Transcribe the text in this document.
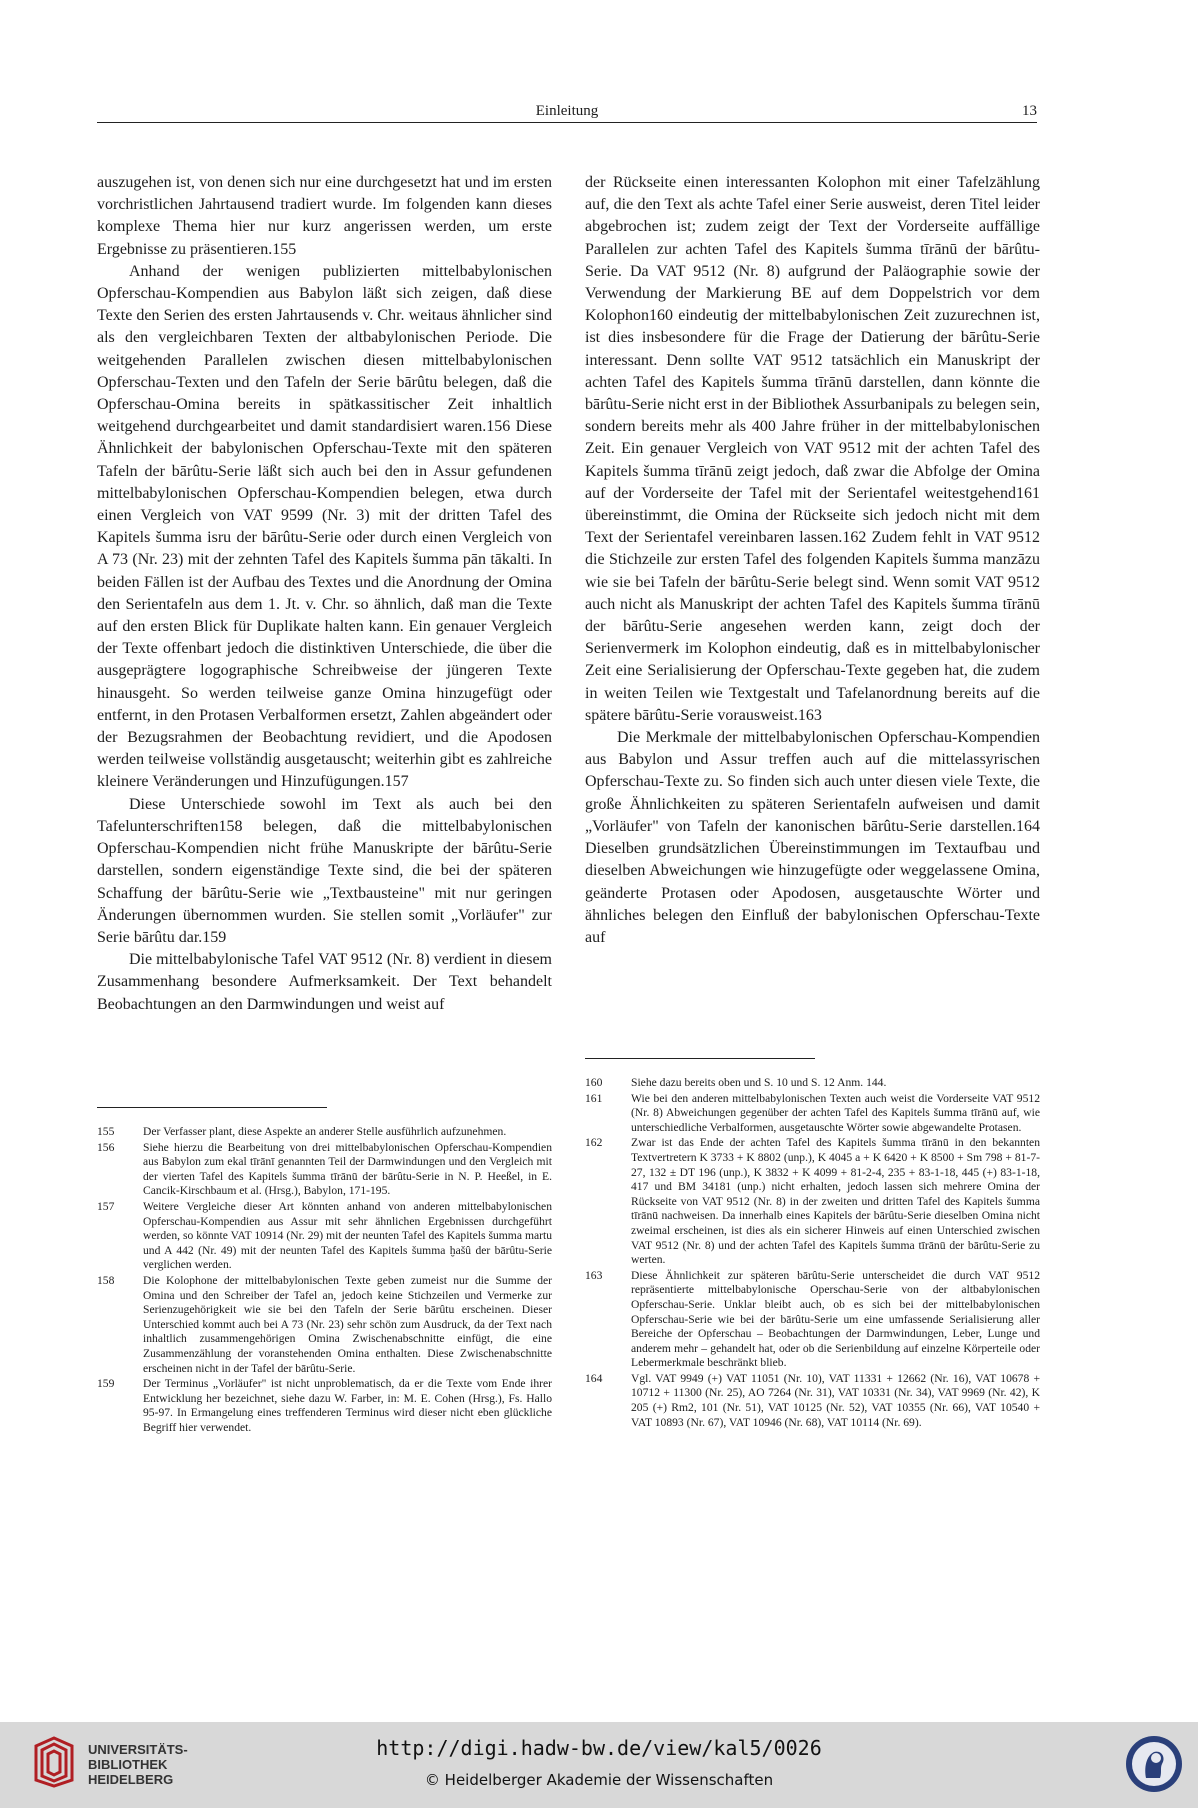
Einleitung	13

auszugehen ist, von denen sich nur eine durchgesetzt hat und im ersten vorchristlichen Jahrtausend tradiert wurde. Im folgenden kann dieses komplexe Thema hier nur kurz angerissen werden, um erste Ergebnisse zu präsentieren.155

Anhand der wenigen publizierten mittelbabylonischen Opferschau-Kompendien aus Babylon läßt sich zeigen, daß diese Texte den Serien des ersten Jahrtausends v. Chr. weitaus ähnlicher sind als den vergleichbaren Texten der altbabylonischen Periode. Die weitgehenden Parallelen zwischen diesen mittelbabylonischen Opferschau-Texten und den Tafeln der Serie bārûtu belegen, daß die Opferschau-Omina bereits in spätkassitischer Zeit inhaltlich weitgehend durchgearbeitet und damit standardisiert waren.156 Diese Ähnlichkeit der babylonischen Opferschau-Texte mit den späteren Tafeln der bārûtu-Serie läßt sich auch bei den in Assur gefundenen mittelbabylonischen Opferschau-Kompendien belegen, etwa durch einen Vergleich von VAT 9599 (Nr. 3) mit der dritten Tafel des Kapitels šumma isru der bārûtu-Serie oder durch einen Vergleich von A 73 (Nr. 23) mit der zehnten Tafel des Kapitels šumma pān tākalti. In beiden Fällen ist der Aufbau des Textes und die Anordnung der Omina den Serientafeln aus dem 1. Jt. v. Chr. so ähnlich, daß man die Texte auf den ersten Blick für Duplikate halten kann. Ein genauer Vergleich der Texte offenbart jedoch die distinktiven Unterschiede, die über die ausgeprägtere logographische Schreibweise der jüngeren Texte hinausgeht. So werden teilweise ganze Omina hinzugefügt oder entfernt, in den Protasen Verbalformen ersetzt, Zahlen abgeändert oder der Bezugsrahmen der Beobachtung revidiert, und die Apodosen werden teilweise vollständig ausgetauscht; weiterhin gibt es zahlreiche kleinere Veränderungen und Hinzufügungen.157

Diese Unterschiede sowohl im Text als auch bei den Tafelunterschriften158 belegen, daß die mittelbabylonischen Opferschau-Kompendien nicht frühe Manuskripte der bārûtu-Serie darstellen, sondern eigenständige Texte sind, die bei der späteren Schaffung der bārûtu-Serie wie „Textbausteine" mit nur geringen Änderungen übernommen wurden. Sie stellen somit „Vorläufer" zur Serie bārûtu dar.159

Die mittelbabylonische Tafel VAT 9512 (Nr. 8) verdient in diesem Zusammenhang besondere Aufmerksamkeit. Der Text behandelt Beobachtungen an den Darmwindungen und weist auf

der Rückseite einen interessanten Kolophon mit einer Tafelzählung auf, die den Text als achte Tafel einer Serie ausweist, deren Titel leider abgebrochen ist; zudem zeigt der Text der Vorderseite auffällige Parallelen zur achten Tafel des Kapitels šumma tīrānū der bārûtu-Serie. Da VAT 9512 (Nr. 8) aufgrund der Paläographie sowie der Verwendung der Markierung BE auf dem Doppelstrich vor dem Kolophon160 eindeutig der mittelbabylonischen Zeit zuzurechnen ist, ist dies insbesondere für die Frage der Datierung der bārûtu-Serie interessant. Denn sollte VAT 9512 tatsächlich ein Manuskript der achten Tafel des Kapitels šumma tīrānū darstellen, dann könnte die bārûtu-Serie nicht erst in der Bibliothek Assurbanipals zu belegen sein, sondern bereits mehr als 400 Jahre früher in der mittelbabylonischen Zeit. Ein genauer Vergleich von VAT 9512 mit der achten Tafel des Kapitels šumma tīrānū zeigt jedoch, daß zwar die Abfolge der Omina auf der Vorderseite der Tafel mit der Serientafel weitestgehend161 übereinstimmt, die Omina der Rückseite sich jedoch nicht mit dem Text der Serientafel vereinbaren lassen.162 Zudem fehlt in VAT 9512 die Stichzeile zur ersten Tafel des folgenden Kapitels šumma manzāzu wie sie bei Tafeln der bārûtu-Serie belegt sind. Wenn somit VAT 9512 auch nicht als Manuskript der achten Tafel des Kapitels šumma tīrānū der bārûtu-Serie angesehen werden kann, zeigt doch der Serienvermerk im Kolophon eindeutig, daß es in mittelbabylonischer Zeit eine Serialisierung der Opferschau-Texte gegeben hat, die zudem in weiten Teilen wie Textgestalt und Tafelanordnung bereits auf die spätere bārûtu-Serie vorausweist.163

Die Merkmale der mittelbabylonischen Opferschau-Kompendien aus Babylon und Assur treffen auch auf die mittelassyrischen Opferschau-Texte zu. So finden sich auch unter diesen viele Texte, die große Ähnlichkeiten zu späteren Serientafeln aufweisen und damit „Vorläufer" von Tafeln der kanonischen bārûtu-Serie darstellen.164 Dieselben grundsätzlichen Übereinstimmungen im Textaufbau und dieselben Abweichungen wie hinzugefügte oder weggelassene Omina, geänderte Protasen oder Apodosen, ausgetauschte Wörter und ähnliches belegen den Einfluß der babylonischen Opferschau-Texte auf

155	Der Verfasser plant, diese Aspekte an anderer Stelle ausführlich aufzunehmen.
156	Siehe hierzu die Bearbeitung von drei mittelbabylonischen Opferschau-Kompendien aus Babylon zum ekal tīrānī genannten Teil der Darmwindungen und den Vergleich mit der vierten Tafel des Kapitels šumma tīrānū der bārûtu-Serie in N. P. Heeßel, in E. Cancik-Kirschbaum et al. (Hrsg.), Babylon, 171-195.
157	Weitere Vergleiche dieser Art könnten anhand von anderen mittelbabylonischen Opferschau-Kompendien aus Assur mit sehr ähnlichen Ergebnissen durchgeführt werden, so könnte VAT 10914 (Nr. 29) mit der neunten Tafel des Kapitels šumma martu und A 442 (Nr. 49) mit der neunten Tafel des Kapitels šumma ḫašû der bārûtu-Serie verglichen werden.
158	Die Kolophone der mittelbabylonischen Texte geben zumeist nur die Summe der Omina und den Schreiber der Tafel an, jedoch keine Stichzeilen und Vermerke zur Serienzugehörigkeit wie sie bei den Tafeln der Serie bārûtu erscheinen. Dieser Unterschied kommt auch bei A 73 (Nr. 23) sehr schön zum Ausdruck, da der Text nach inhaltlich zusammengehörigen Omina Zwischenabschnitte einfügt, die eine Zusammenzählung der voranstehenden Omina enthalten. Diese Zwischenabschnitte erscheinen nicht in der Tafel der bārûtu-Serie.
159	Der Terminus „Vorläufer" ist nicht unproblematisch, da er die Texte vom Ende ihrer Entwicklung her bezeichnet, siehe dazu W. Farber, in: M. E. Cohen (Hrsg.), Fs. Hallo 95-97. In Ermangelung eines treffenderen Terminus wird dieser nicht eben glückliche Begriff hier verwendet.
160	Siehe dazu bereits oben und S. 10 und S. 12 Anm. 144.
161	Wie bei den anderen mittelbabylonischen Texten auch weist die Vorderseite VAT 9512 (Nr. 8) Abweichungen gegenüber der achten Tafel des Kapitels šumma tīrānū auf, wie unterschiedliche Verbalformen, ausgetauschte Wörter sowie abgewandelte Protasen.
162	Zwar ist das Ende der achten Tafel des Kapitels šumma tīrānū in den bekannten Textvertretern K 3733 + K 8802 (unp.), K 4045 a + K 6420 + K 8500 + Sm 798 + 81-7-27, 132 ± DT 196 (unp.), K 3832 + K 4099 + 81-2-4, 235 + 83-1-18, 445 (+) 83-1-18, 417 und BM 34181 (unp.) nicht erhalten, jedoch lassen sich mehrere Omina der Rückseite von VAT 9512 (Nr. 8) in der zweiten und dritten Tafel des Kapitels šumma tīrānū nachweisen. Da innerhalb eines Kapitels der bārûtu-Serie dieselben Omina nicht zweimal erscheinen, ist dies als ein sicherer Hinweis auf einen Unterschied zwischen VAT 9512 (Nr. 8) und der achten Tafel des Kapitels šumma tīrānū der bārûtu-Serie zu werten.
163	Diese Ähnlichkeit zur späteren bārûtu-Serie unterscheidet die durch VAT 9512 repräsentierte mittelbabylonische Operschau-Serie von der altbabylonischen Opferschau-Serie. Unklar bleibt auch, ob es sich bei der mittelbabylonischen Opferschau-Serie wie bei der bārûtu-Serie um eine umfassende Serialisierung aller Bereiche der Opferschau – Beobachtungen der Darmwindungen, Leber, Lunge und anderem mehr – gehandelt hat, oder ob die Serienbildung auf einzelne Körperteile oder Lebermerkmale beschränkt blieb.
164	Vgl. VAT 9949 (+) VAT 11051 (Nr. 10), VAT 11331 + 12662 (Nr. 16), VAT 10678 + 10712 + 11300 (Nr. 25), AO 7264 (Nr. 31), VAT 10331 (Nr. 34), VAT 9969 (Nr. 42), K 205 (+) Rm2, 101 (Nr. 51), VAT 10125 (Nr. 52), VAT 10355 (Nr. 66), VAT 10540 + VAT 10893 (Nr. 67), VAT 10946 (Nr. 68), VAT 10114 (Nr. 69).
UNIVERSITÄTS-
BIBLIOTHEK
HEIDELBERG
http://digi.hadw-bw.de/view/kal5/0026
© Heidelberger Akademie der Wissenschaften
